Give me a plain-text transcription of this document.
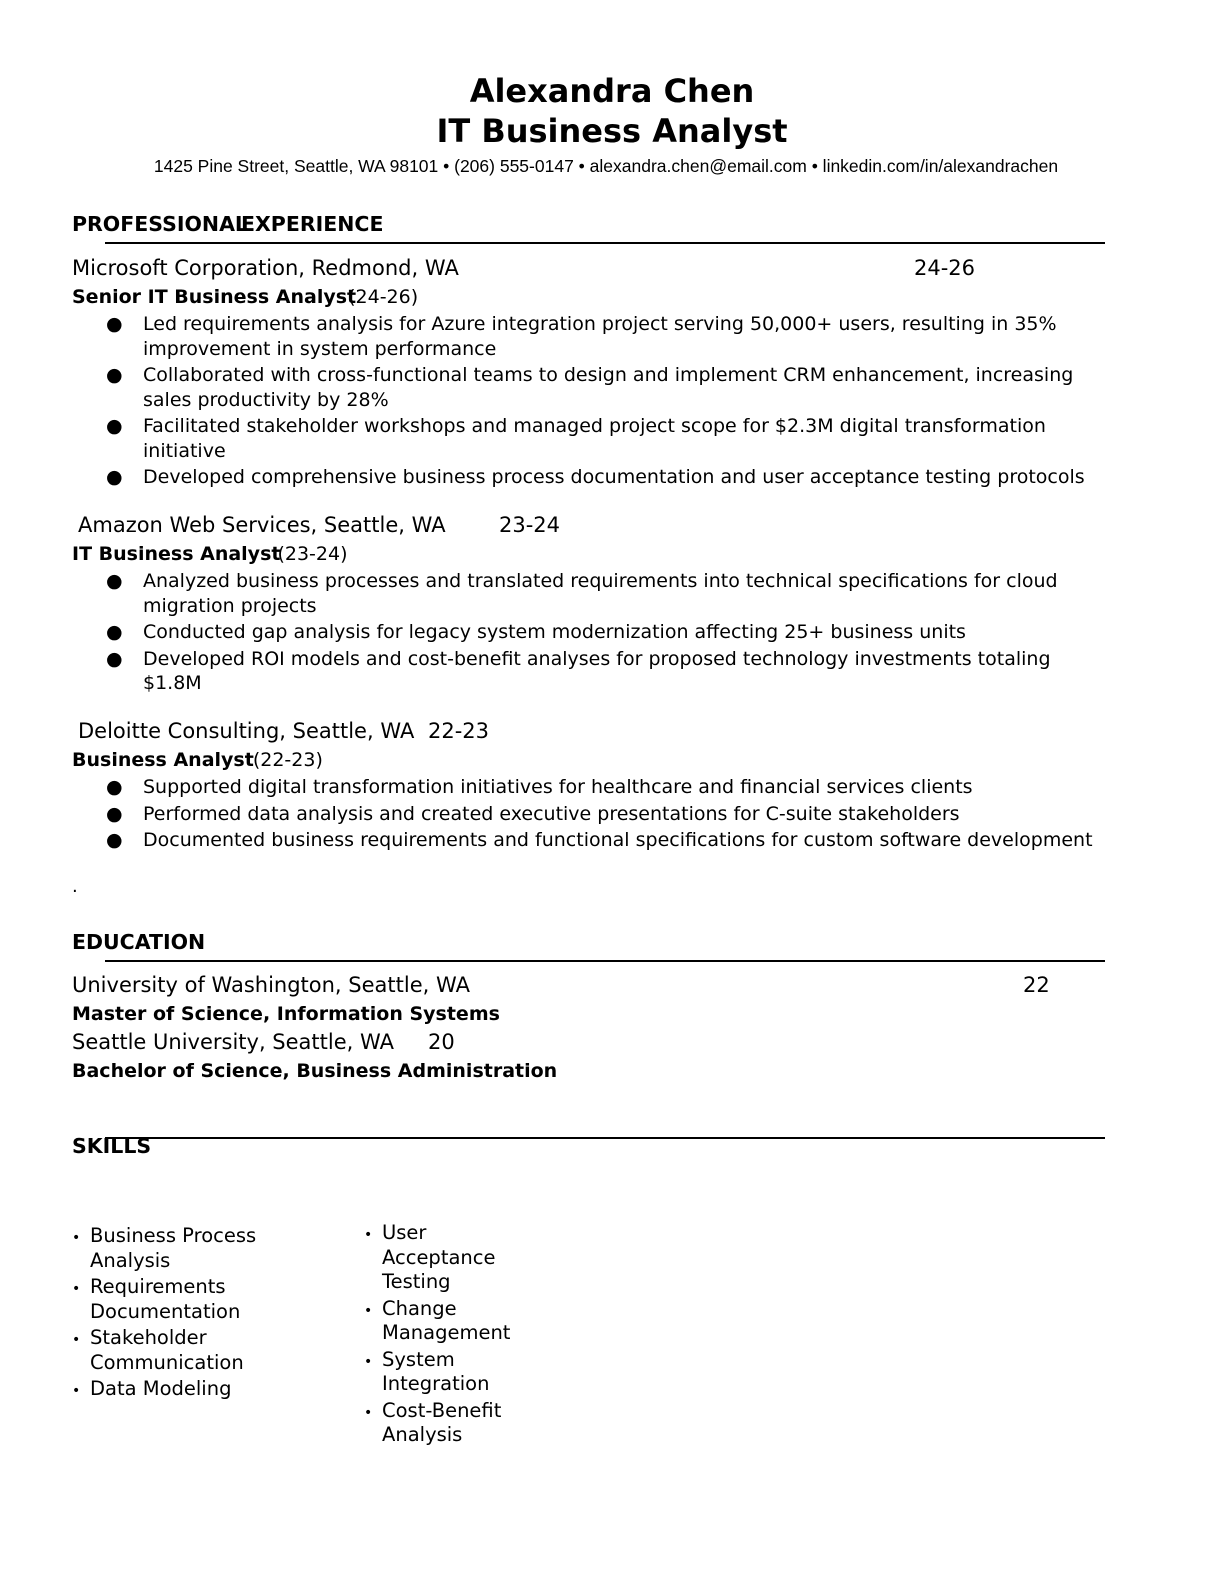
Alexandra Chen
IT Business Analyst
1425 Pine Street, Seattle, WA 98101 • (206) 555-0147 • alexandra.chen@email.com • linkedin.com/in/alexandrachen
PROFESSIONALEXPERIENCE
Microsoft Corporation, Redmond, WA	24-26
Senior IT Business Analyst(24-26)
● Led requirements analysis for Azure integration project serving 50,000+ users, resulting in 35% improvement in system performance
● Collaborated with cross-functional teams to design and implement CRM enhancement, increasing sales productivity by 28%
● Facilitated stakeholder workshops and managed project scope for $2.3M digital transformation initiative
● Developed comprehensive business process documentation and user acceptance testing protocols
Amazon Web Services, Seattle, WA	23-24
IT Business Analyst(23-24)
● Analyzed business processes and translated requirements into technical specifications for cloud migration projects
● Conducted gap analysis for legacy system modernization affecting 25+ business units
● Developed ROI models and cost-benefit analyses for proposed technology investments totaling $1.8M
Deloitte Consulting, Seattle, WA 22-23
Business Analyst(22-23)
● Supported digital transformation initiatives for healthcare and financial services clients
● Performed data analysis and created executive presentations for C-suite stakeholders
● Documented business requirements and functional specifications for custom software development
.
EDUCATION
University of Washington, Seattle, WA	22
Master of Science, Information Systems
Seattle University, Seattle, WA 20
Bachelor of Science, Business Administration
SKILLS
• Business Process Analysis
• Requirements Documentation
• Stakeholder Communication
• Data Modeling
• User Acceptance Testing
• Change Management
• System Integration
• Cost-Benefit Analysis
